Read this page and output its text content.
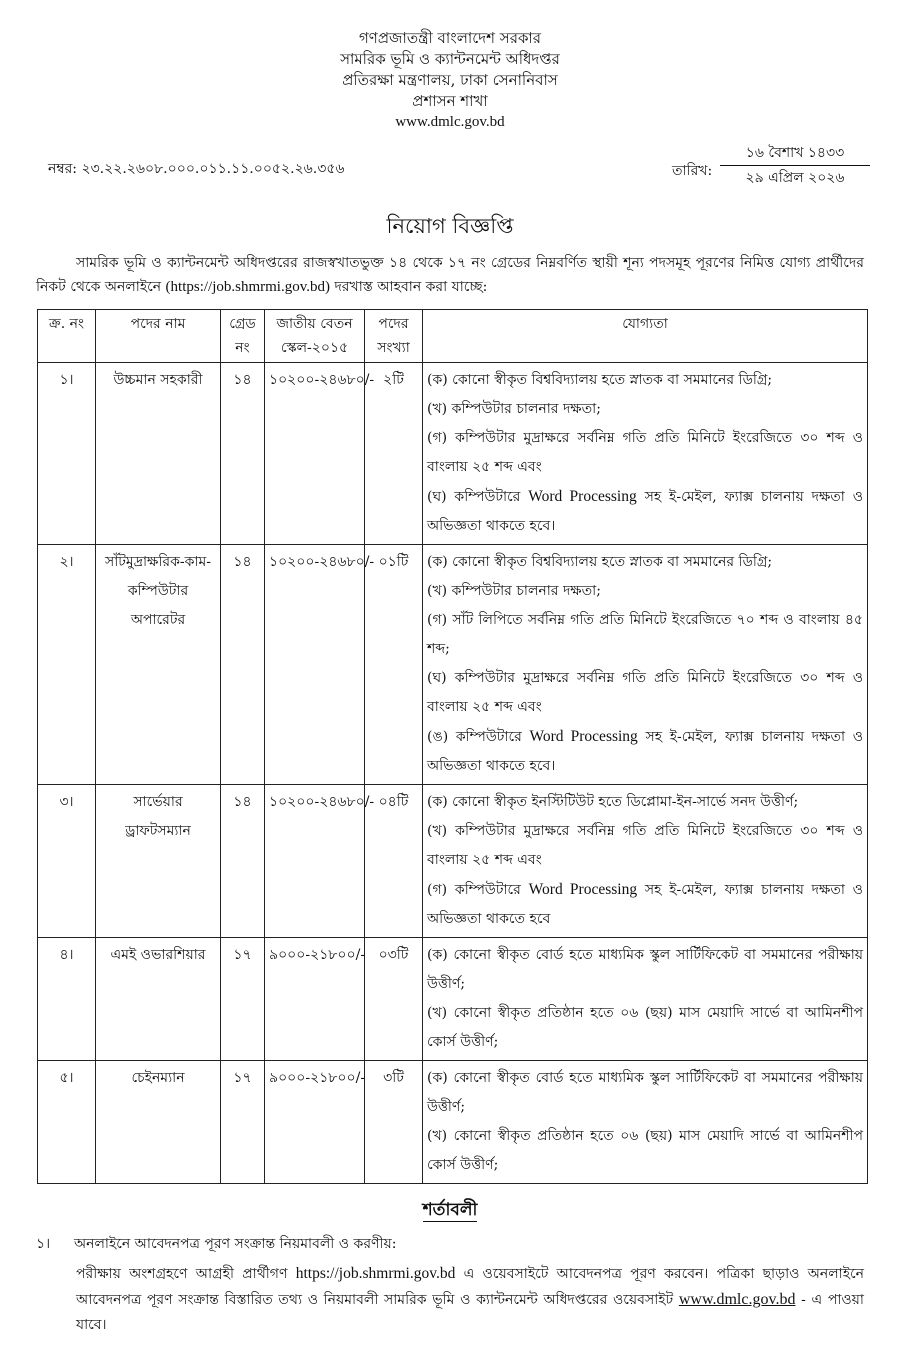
গণপ্রজাতন্ত্রী বাংলাদেশ সরকার
সামরিক ভূমি ও ক্যান্টনমেন্ট অধিদপ্তর
প্রতিরক্ষা মন্ত্রণালয়, ঢাকা সেনানিবাস
প্রশাসন শাখা
www.dmlc.gov.bd
নম্বর: ২৩.২২.২৬০৮.০০০.০১১.১১.০০৫২.২৬.৩৫৬	তারিখ:
১৬ বৈশাখ ১৪৩৩
২৯ এপ্রিল ২০২৬
নিয়োগ বিজ্ঞপ্তি
সামরিক ভূমি ও ক্যান্টনমেন্ট অধিদপ্তরের রাজস্বখাতভুক্ত ১৪ থেকে ১৭ নং গ্রেডের নিম্নবর্ণিত স্থায়ী শূন্য পদসমূহ পূরণের নিমিত্ত যোগ্য প্রার্থীদের নিকট থেকে অনলাইনে (https://job.shmrmi.gov.bd) দরখাস্ত আহবান করা যাচ্ছে:
ক্র. নং	পদের নাম	গ্রেড নং	জাতীয় বেতন স্কেল-২০১৫	পদের সংখ্যা	যোগ্যতা
১।	উচ্চমান সহকারী	১৪	১০২০০-২৪৬৮০/-	২টি	(ক) কোনো স্বীকৃত বিশ্ববিদ্যালয় হতে স্নাতক বা সমমানের ডিগ্রি;
(খ) কম্পিউটার চালনার দক্ষতা;
(গ) কম্পিউটার মুদ্রাক্ষরে সর্বনিম্ন গতি প্রতি মিনিটে ইংরেজিতে ৩০ শব্দ ও বাংলায় ২৫ শব্দ এবং
(ঘ) কম্পিউটারে Word Processing সহ ই-মেইল, ফ্যাক্স চালনায় দক্ষতা ও অভিজ্ঞতা থাকতে হবে।

২।	সাঁটমুদ্রাক্ষরিক-কাম-কম্পিউটার অপারেটর	১৪	১০২০০-২৪৬৮০/-	০১টি	(ক) কোনো স্বীকৃত বিশ্ববিদ্যালয় হতে স্নাতক বা সমমানের ডিগ্রি;
(খ) কম্পিউটার চালনার দক্ষতা;
(গ) সাঁট লিপিতে সর্বনিম্ন গতি প্রতি মিনিটে ইংরেজিতে ৭০ শব্দ ও বাংলায় ৪৫ শব্দ;
(ঘ) কম্পিউটার মুদ্রাক্ষরে সর্বনিম্ন গতি প্রতি মিনিটে ইংরেজিতে ৩০ শব্দ ও বাংলায় ২৫ শব্দ এবং
(ঙ) কম্পিউটারে Word Processing সহ ই-মেইল, ফ্যাক্স চালনায় দক্ষতা ও অভিজ্ঞতা থাকতে হবে।

৩।	সার্ভেয়ার ড্রাফটসম্যান	১৪	১০২০০-২৪৬৮০/-	০৪টি	(ক) কোনো স্বীকৃত ইনস্টিটিউট হতে ডিপ্লোমা-ইন-সার্ভে সনদ উত্তীর্ণ;
(খ) কম্পিউটার মুদ্রাক্ষরে সর্বনিম্ন গতি প্রতি মিনিটে ইংরেজিতে ৩০ শব্দ ও বাংলায় ২৫ শব্দ এবং
(গ) কম্পিউটারে Word Processing সহ ই-মেইল, ফ্যাক্স চালনায় দক্ষতা ও অভিজ্ঞতা থাকতে হবে

৪।	এমই ওভারশিয়ার	১৭	৯০০০-২১৮০০/-	০৩টি	(ক) কোনো স্বীকৃত বোর্ড হতে মাধ্যমিক স্কুল সার্টিফিকেট বা সমমানের পরীক্ষায় উত্তীর্ণ;
(খ) কোনো স্বীকৃত প্রতিষ্ঠান হতে ০৬ (ছয়) মাস মেয়াদি সার্ভে বা আমিনশীপ কোর্স উত্তীর্ণ;

৫।	চেইনম্যান	১৭	৯০০০-২১৮০০/-	৩টি	(ক) কোনো স্বীকৃত বোর্ড হতে মাধ্যমিক স্কুল সার্টিফিকেট বা সমমানের পরীক্ষায় উত্তীর্ণ;
(খ) কোনো স্বীকৃত প্রতিষ্ঠান হতে ০৬ (ছয়) মাস মেয়াদি সার্ভে বা আমিনশীপ কোর্স উত্তীর্ণ;
শর্তাবলী
১। অনলাইনে আবেদনপত্র পূরণ সংক্রান্ত নিয়মাবলী ও করণীয়:
পরীক্ষায় অংশগ্রহণে আগ্রহী প্রার্থীগণ https://job.shmrmi.gov.bd এ ওয়েবসাইটে আবেদনপত্র পূরণ করবেন। পত্রিকা ছাড়াও অনলাইনে আবেদনপত্র পূরণ সংক্রান্ত বিস্তারিত তথ্য ও নিয়মাবলী সামরিক ভূমি ও ক্যান্টনমেন্ট অধিদপ্তরের ওয়েবসাইট www.dmlc.gov.bd - এ পাওয়া যাবে।
